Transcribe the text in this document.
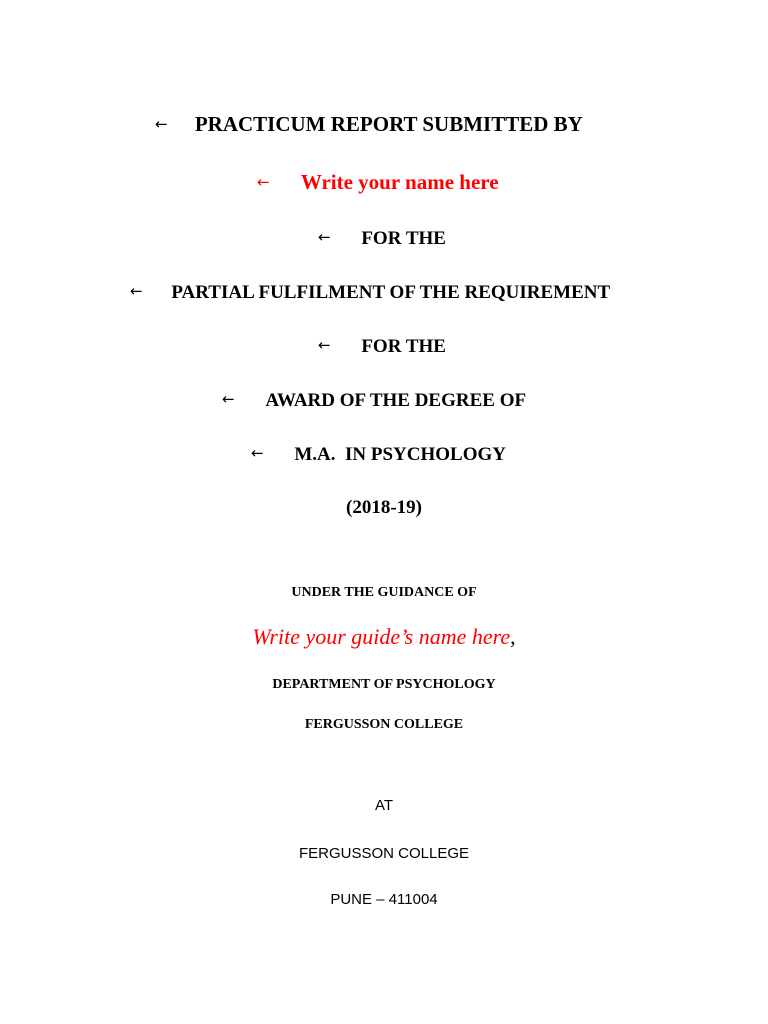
← PRACTICUM REPORT SUBMITTED BY
← Write your name here
← FOR THE
← PARTIAL FULFILMENT OF THE REQUIREMENT
← FOR THE
← AWARD OF THE DEGREE OF
← M.A.  IN PSYCHOLOGY
(2018-19)
UNDER THE GUIDANCE OF
Write your guide’s name here,
DEPARTMENT OF PSYCHOLOGY
FERGUSSON COLLEGE
AT
FERGUSSON COLLEGE
PUNE – 411004
